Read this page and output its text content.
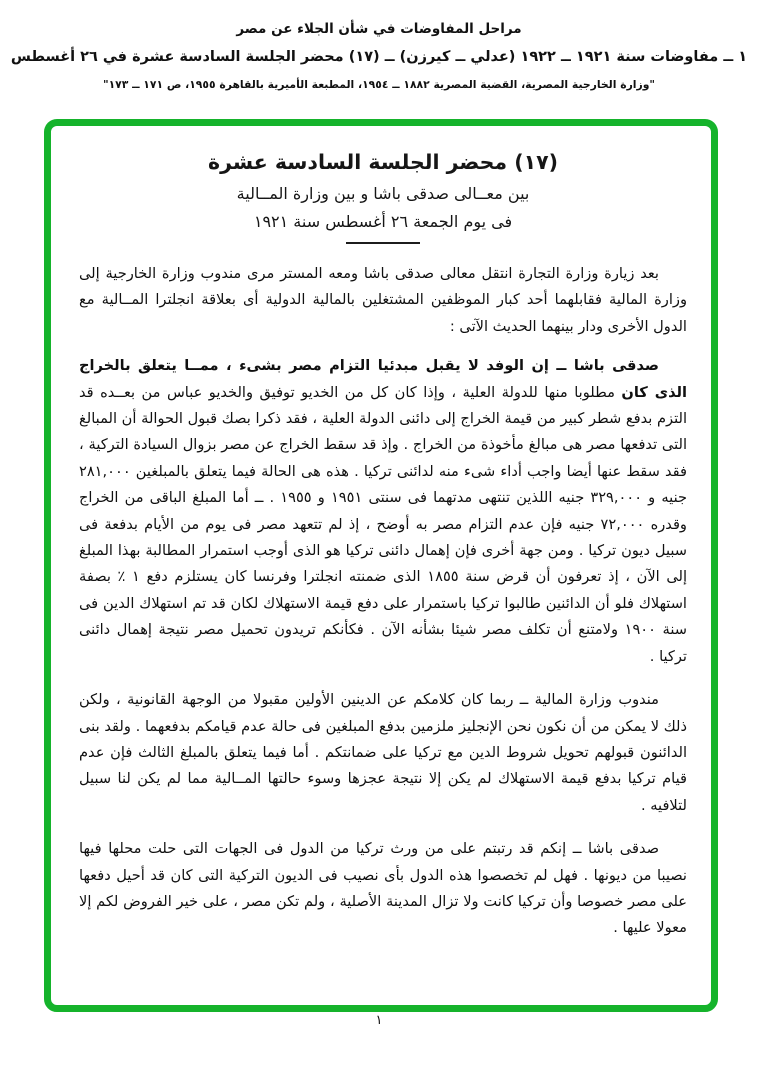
مراحل المفاوضات في شأن الجلاء عن مصر
١ ــ مفاوضات سنة ١٩٢١ ــ ١٩٢٢ (عدلي ــ كيرزن) ــ (١٧) محضر الجلسة السادسة عشرة في ٢٦ أغسطس
"وزارة الخارجية المصرية، القضية المصرية ١٨٨٢ ــ ١٩٥٤، المطبعة الأميرية بالقاهرة ١٩٥٥، ص ١٧١ ــ ١٧٣"
(١٧) محضر الجلسة السادسة عشرة
بين معــالى صدقى باشا و بين وزارة المــالية
فى يوم الجمعة ٢٦ أغسطس سنة ١٩٢١

بعد زيارة وزارة التجارة انتقل معالى صدقى باشا ومعه المستر مرى مندوب وزارة الخارجية إلى وزارة المالية فقابلهما أحد كبار الموظفين المشتغلين بالمالية الدولية أى بعلاقة انجلترا المــالية مع الدول الأخرى ودار بينهما الحديث الآتى :

صدقى باشا ــ إن الوفد لا يقبل مبدئيا التزام مصر بشىء ، ممــا يتعلق بالخراج الذى كان مطلوبا منها للدولة العلية ، وإذا كان كل من الخديو توفيق والخديو عباس من بعــده قد التزم بدفع شطر كبير من قيمة الخراج إلى دائنى الدولة العلية ، فقد ذكرا بصك قبول الحوالة أن المبالغ التى تدفعها مصر هى مبالغ مأخوذة من الخراج . وإذ قد سقط الخراج عن مصر بزوال السيادة التركية ، فقد سقط عنها أيضا واجب أداء شىء منه لدائنى تركيا . هذه هى الحالة فيما يتعلق بالمبلغين ٢٨١,٠٠٠ جنيه و ٣٢٩,٠٠٠ جنيه اللذين تنتهى مدتهما فى سنتى ١٩٥١ و ١٩٥٥ . ــ أما المبلغ الباقى من الخراج وقدره ٧٢,٠٠٠ جنيه فإن عدم التزام مصر به أوضح ، إذ لم تتعهد مصر فى يوم من الأيام بدفعة فى سبيل ديون تركيا . ومن جهة أخرى فإن إهمال دائنى تركيا هو الذى أوجب استمرار المطالبة بهذا المبلغ إلى الآن ، إذ تعرفون أن قرض سنة ١٨٥٥ الذى ضمنته انجلترا وفرنسا كان يستلزم دفع ١ ٪ بصفة استهلاك فلو أن الدائنين طالبوا تركيا باستمرار على دفع قيمة الاستهلاك لكان قد تم استهلاك الدين فى سنة ١٩٠٠ ولامتنع أن تكلف مصر شيئا بشأنه الآن . فكأنكم تريدون تحميل مصر نتيجة إهمال دائنى تركيا .

مندوب وزارة المالية ــ ربما كان كلامكم عن الدينين الأولين مقبولا من الوجهة القانونية ، ولكن ذلك لا يمكن من أن نكون نحن الإنجليز ملزمين بدفع المبلغين فى حالة عدم قيامكم بدفعهما . ولقد بنى الدائنون قبولهم تحويل شروط الدين مع تركيا على ضمانتكم . أما فيما يتعلق بالمبلغ الثالث فإن عدم قيام تركيا بدفع قيمة الاستهلاك لم يكن إلا نتيجة عجزها وسوء حالتها المــالية مما لم يكن لنا سبيل لتلافيه .

صدقى باشا ــ إنكم قد رتبتم على من ورث تركيا من الدول فى الجهات التى حلت محلها فيها نصيبا من ديونها . فهل لم تخصصوا هذه الدول بأى نصيب فى الديون التركية التى كان قد أحيل دفعها على مصر خصوصا وأن تركيا كانت ولا تزال المدينة الأصلية ، ولم تكن مصر ، على خير الفروض لكم إلا معولا عليها .

١
